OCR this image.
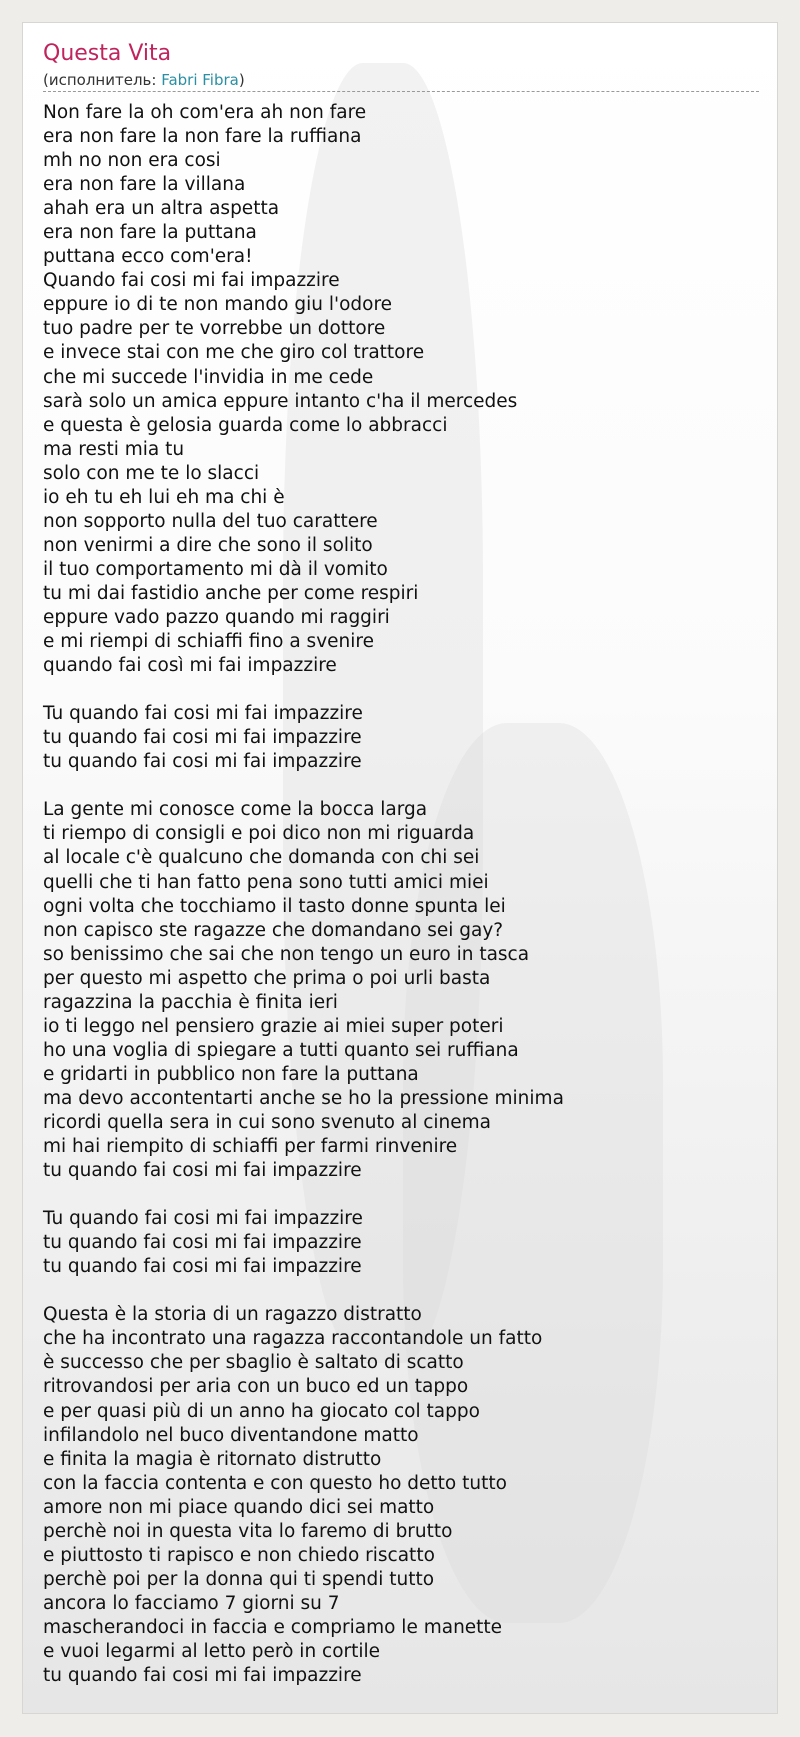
Questa Vita
(исполнитель: Fabri Fibra)
Non fare la oh com'era ah non fare
era non fare la non fare la ruffiana
mh no non era cosi
era non fare la villana
ahah era un altra aspetta
era non fare la puttana
puttana ecco com'era!
Quando fai cosi mi fai impazzire
eppure io di te non mando giu l'odore
tuo padre per te vorrebbe un dottore
e invece stai con me che giro col trattore
che mi succede l'invidia in me cede
sarà solo un amica eppure intanto c'ha il mercedes
e questa è gelosia guarda come lo abbracci
ma resti mia tu
solo con me te lo slacci
io eh tu eh lui eh ma chi è
non sopporto nulla del tuo carattere
non venirmi a dire che sono il solito
il tuo comportamento mi dà il vomito
tu mi dai fastidio anche per come respiri
eppure vado pazzo quando mi raggiri
e mi riempi di schiaffi fino a svenire
quando fai così mi fai impazzire
Tu quando fai cosi mi fai impazzire
tu quando fai cosi mi fai impazzire
tu quando fai cosi mi fai impazzire
La gente mi conosce come la bocca larga
ti riempo di consigli e poi dico non mi riguarda
al locale c'è qualcuno che domanda con chi sei
quelli che ti han fatto pena sono tutti amici miei
ogni volta che tocchiamo il tasto donne spunta lei
non capisco ste ragazze che domandano sei gay?
so benissimo che sai che non tengo un euro in tasca
per questo mi aspetto che prima o poi urli basta
ragazzina la pacchia è finita ieri
io ti leggo nel pensiero grazie ai miei super poteri
ho una voglia di spiegare a tutti quanto sei ruffiana
e gridarti in pubblico non fare la puttana
ma devo accontentarti anche se ho la pressione minima
ricordi quella sera in cui sono svenuto al cinema
mi hai riempito di schiaffi per farmi rinvenire
tu quando fai cosi mi fai impazzire
Tu quando fai cosi mi fai impazzire
tu quando fai cosi mi fai impazzire
tu quando fai cosi mi fai impazzire
Questa è la storia di un ragazzo distratto
che ha incontrato una ragazza raccontandole un fatto
è successo che per sbaglio è saltato di scatto
ritrovandosi per aria con un buco ed un tappo
e per quasi più di un anno ha giocato col tappo
infilandolo nel buco diventandone matto
e finita la magia è ritornato distrutto
con la faccia contenta e con questo ho detto tutto
amore non mi piace quando dici sei matto
perchè noi in questa vita lo faremo di brutto
e piuttosto ti rapisco e non chiedo riscatto
perchè poi per la donna qui ti spendi tutto
ancora lo facciamo 7 giorni su 7
mascherandoci in faccia e compriamo le manette
e vuoi legarmi al letto però in cortile
tu quando fai cosi mi fai impazzire
